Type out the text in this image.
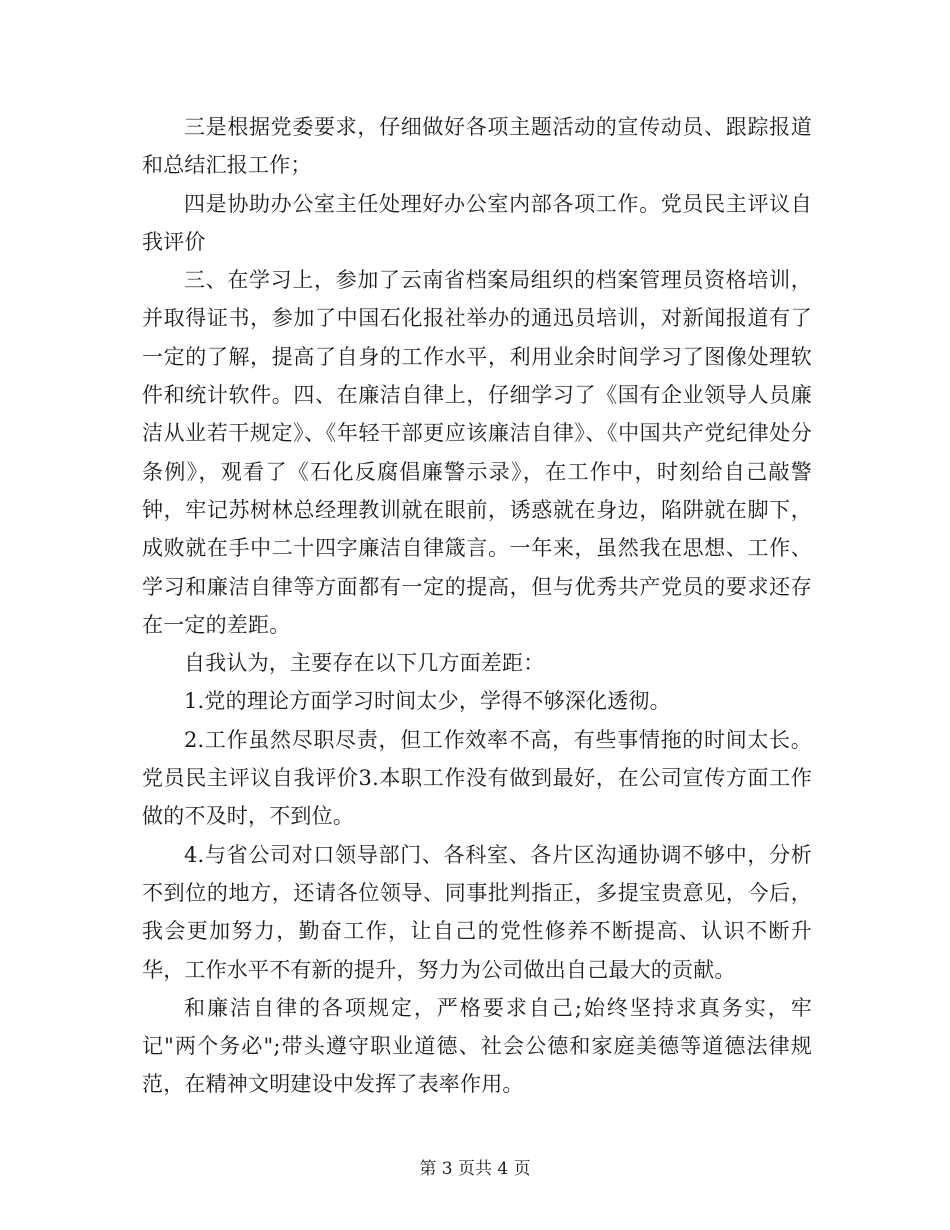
三是根据党委要求，仔细做好各项主题活动的宣传动员、跟踪报道和总结汇报工作；

四是协助办公室主任处理好办公室内部各项工作。党员民主评议自我评价

三、在学习上，参加了云南省档案局组织的档案管理员资格培训，并取得证书，参加了中国石化报社举办的通迅员培训，对新闻报道有了一定的了解，提高了自身的工作水平，利用业余时间学习了图像处理软件和统计软件。四、在廉洁自律上，仔细学习了《国有企业领导人员廉洁从业若干规定》、《年轻干部更应该廉洁自律》、《中国共产党纪律处分条例》，观看了《石化反腐倡廉警示录》，在工作中，时刻给自己敲警钟，牢记苏树林总经理教训就在眼前，诱惑就在身边，陷阱就在脚下，成败就在手中二十四字廉洁自律箴言。一年来，虽然我在思想、工作、学习和廉洁自律等方面都有一定的提高，但与优秀共产党员的要求还存在一定的差距。

自我认为，主要存在以下几方面差距：

1.党的理论方面学习时间太少，学得不够深化透彻。

2.工作虽然尽职尽责，但工作效率不高，有些事情拖的时间太长。党员民主评议自我评价3.本职工作没有做到最好，在公司宣传方面工作做的不及时，不到位。

4.与省公司对口领导部门、各科室、各片区沟通协调不够中，分析不到位的地方，还请各位领导、同事批判指正，多提宝贵意见，今后，我会更加努力，勤奋工作，让自己的党性修养不断提高、认识不断升华，工作水平不有新的提升，努力为公司做出自己最大的贡献。

和廉洁自律的各项规定，严格要求自己;始终坚持求真务实，牢记"两个务必";带头遵守职业道德、社会公德和家庭美德等道德法律规范，在精神文明建设中发挥了表率作用。

第 3 页共 4 页
